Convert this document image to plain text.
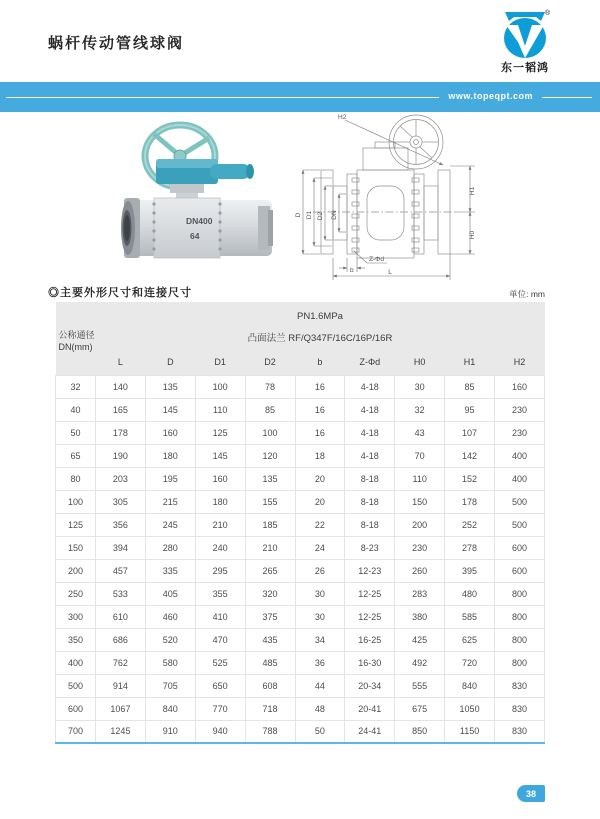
蜗杆传动管线球阀
®
东一韬鸿
www.topeqpt.com
DN400
64
H2
D D1 D2 DN
b
Z-Φd
L
H1
H0
◎主要外形尺寸和连接尺寸	单位: mm
公称通径
DN(mm)	PN1.6MPa								
	凸面法兰 RF/Q347F/16C/16P/16R								
	L	D	D1	D2	b	Z-Φd	H0	H1	H2
32	140	135	100	78	16	4-18	30	85	160
40	165	145	110	85	16	4-18	32	95	230
50	178	160	125	100	16	4-18	43	107	230
65	190	180	145	120	18	4-18	70	142	400
80	203	195	160	135	20	8-18	110	152	400
100	305	215	180	155	20	8-18	150	178	500
125	356	245	210	185	22	8-18	200	252	500
150	394	280	240	210	24	8-23	230	278	600
200	457	335	295	265	26	12-23	260	395	600
250	533	405	355	320	30	12-25	283	480	800
300	610	460	410	375	30	12-25	380	585	800
350	686	520	470	435	34	16-25	425	625	800
400	762	580	525	485	36	16-30	492	720	800
500	914	705	650	608	44	20-34	555	840	830
600	1067	840	770	718	48	20-41	675	1050	830
700	1245	910	940	788	50	24-41	850	1150	830
38
